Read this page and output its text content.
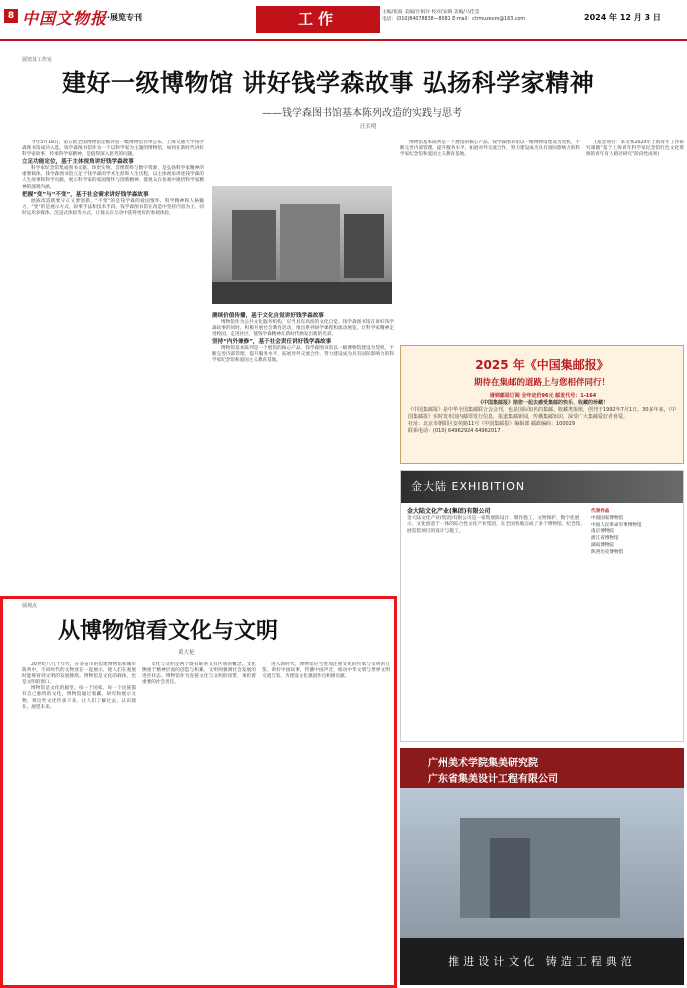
8 中国文物报 ·展览专刊	工作	主编/崔波 美编/甘娟玲 校对/宋晴 美编/马佳莹
电话：(010)84078838—8081 E-mail：ctrmuzeum@163.com	2024 年 12 月 3 日
展馆及工作室
建好一级博物馆 讲好钱学森故事 弘扬科学家精神
——钱学森图书馆基本陈列改造的实践与思考
汪长明

今年5月18日，第五批全国博物馆定级评估一级博物馆名单公布，上海交通大学钱学森图书馆成功入选。钱学森图书馆作为一个以科学家为主题的博物馆，如何在新时代讲好科学家故事、传承科学家精神，是值得深入思考的问题。

立足功能定位，基于主体视角讲好钱学森故事

科学家纪念馆集成图书文献、珍贵实物、音像资料与数字资源，是弘扬科学家精神的重要载体。钱学森图书馆立足于钱学森的学术生涯和人生历程，以主体视角讲述钱学森的人生故事和科学贡献，展示科学家的家国情怀与创新精神，使观众在参观中感悟科学家精神的深刻内涵。

把握“变”与“不变”，基于社会需求讲好钱学森故事

展陈改造既要守正又要创新。“不变”的是钱学森的爱国情怀、科学精神和人格魅力，“变”的是展示方式、叙事手法和技术手段。钱学森图书馆在改造中坚持内容为王，同时运用多媒体、沉浸式体验等方式，让观众在互动中获得更好的参观体验。

赓续价值传播，基于文化自觉讲好钱学森故事

博物馆作为公共文化服务机构，应当具有高度的文化自觉。钱学森图书馆在讲好钱学森故事的同时，积极开展社会教育活动，推出系列研学课程和流动展览，让科学家精神走进校园、走进社区，使钱学森精神在新时代焕发出新的光彩。

坚持“内外兼修”，基于社会责任讲好钱学森故事

博物馆基本陈列是一个展馆的核心产品。钱学森图书馆以一级博物馆建设为契机，不断完善内部管理，提升服务水平，拓展对外交流合作，努力建设成为具有国际影响力的科学家纪念馆和爱国主义教育基地。

博物馆基本陈列是一个展馆的核心产品。钱学森图书馆以一级博物馆建设为契机，不断完善内部管理，提升服务水平，拓展对外交流合作，努力建设成为具有国际影响力的科学家纪念馆和爱国主义教育基地。

(基金项目：本文系2024年上海青年工作研究课题“基于上海青年科学家纪念馆红色文化资源的青年育人路径研究”阶段性成果)

2025 年《中国集邮报》
期待在集邮的道路上与您相伴同行！
请到邮局订阅 全年定价96元 邮发代号：1-164
《中国集邮报》陪您一起去感受集邮的快乐、收藏的珍藏！
《中国集邮报》是中华全国集邮联合会会刊，也是国际知名的集邮、收藏类报纸，创刊于1992年7月1日。30多年来，《中国集邮报》实时发布国内邮票发行信息，报道集邮新闻，传播集邮知识，深受广大集邮爱好者喜爱。
社址：北京市朝阳区安苑路11号《中国集邮报》编辑部 邮政编码：100029
联系电话：(010) 64962924 64962017
金大陆 EXHIBITION
金大陆文化产业(集团)有限公司
金大陆文化产业(集团)有限公司是一家集展陈设计、制作施工、文物保护、数字化展示、文化创意于一体的综合性文化产业集团，在全国各地完成了多个博物馆、纪念馆、展览馆项目的设计与施工。
代表作品
中国国家博物馆
中国人民革命军事博物馆
南京博物院
浙江省博物馆
湖南博物院
陕西历史博物馆
广州美术学院集美研究院
广东省集美设计工程有限公司
推进设计文化 铸造工程典范
展观点
从博物馆看文化与文明
黄大伦

20世纪八九十年代，在多省市的馆建博物馆和城市陈列中，不同时代的文物放在一起展示，使人们在观展时能够看到文明的发展脉络。博物馆是文化的载体，也是文明的窗口。

博物馆是文化的殿堂。每一个国家、每一个民族都有自己独特的文化，博物馆通过收藏、研究和展示文物，将这些文化传承下来，让人们了解过去、认识现在、展望未来。

文化与文明是两个既有联系又有区别的概念。文化侧重于精神层面的创造与积累，文明则强调社会发展的进步状态。博物馆作为连接文化与文明的纽带，承担着重要的社会责任。

进入新时代，博物馆应当更加注重文化的传承与文明的互鉴，讲好中国故事，传播中国声音，推动中华文明与世界文明交流互鉴，为建设文化强国作出积极贡献。
